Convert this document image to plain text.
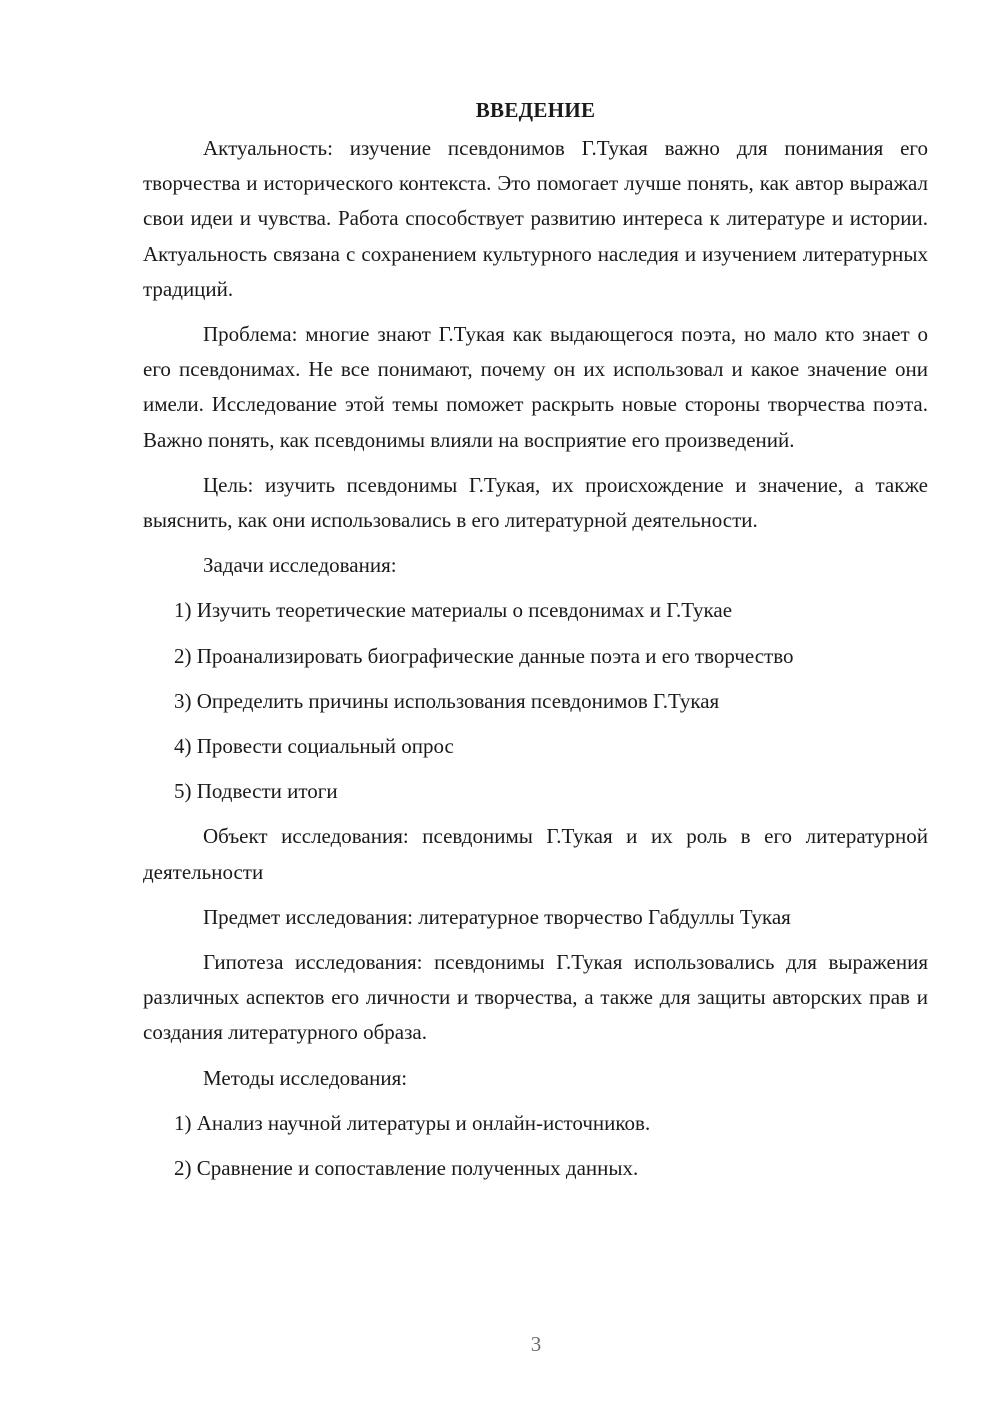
ВВЕДЕНИЕ

Актуальность: изучение псевдонимов Г.Тукая важно для понимания его творчества и исторического контекста. Это помогает лучше понять, как автор выражал свои идеи и чувства. Работа способствует развитию интереса к литературе и истории. Актуальность связана с сохранением культурного наследия и изучением литературных традиций.

Проблема: многие знают Г.Тукая как выдающегося поэта, но мало кто знает о его псевдонимах. Не все понимают, почему он их использовал и какое значение они имели. Исследование этой темы поможет раскрыть новые стороны творчества поэта. Важно понять, как псевдонимы влияли на восприятие его произведений.

Цель: изучить псевдонимы Г.Тукая, их происхождение и значение, а также выяснить, как они использовались в его литературной деятельности.

Задачи исследования:

1) Изучить теоретические материалы о псевдонимах и Г.Тукае

2) Проанализировать биографические данные поэта и его творчество

3) Определить причины использования псевдонимов Г.Тукая

4) Провести социальный опрос

5) Подвести итоги

Объект исследования: псевдонимы Г.Тукая и их роль в его литературной деятельности

Предмет исследования: литературное творчество Габдуллы Тукая

Гипотеза исследования: псевдонимы Г.Тукая использовались для выражения различных аспектов его личности и творчества, а также для защиты авторских прав и создания литературного образа.

Методы исследования:

1) Анализ научной литературы и онлайн-источников.

2) Сравнение и сопоставление полученных данных.

3
